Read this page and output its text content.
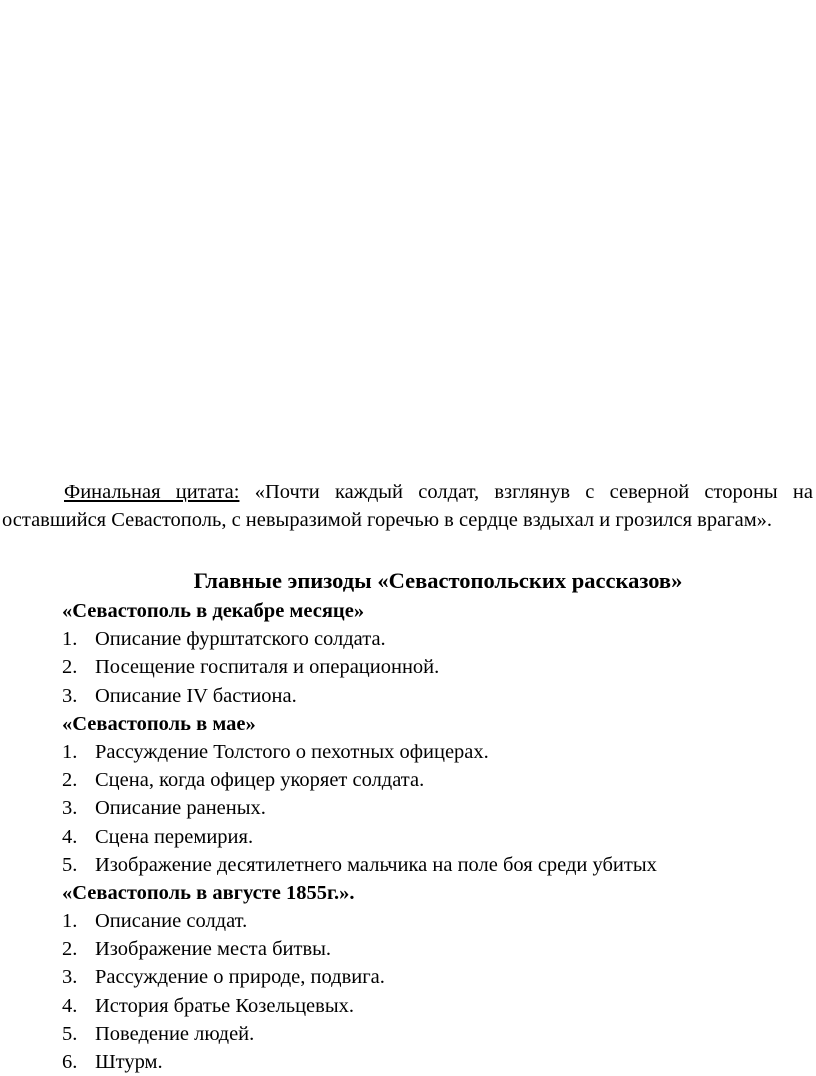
Финальная цитата: «Почти каждый солдат, взглянув с северной стороны на оставшийся Севастополь, с невыразимой горечью в сердце вздыхал и грозился врагам».

Главные эпизоды «Севастопольских рассказов»
«Севастополь в декабре месяце»
1. Описание фурштатского солдата.
2. Посещение госпиталя и операционной.
3. Описание IV бастиона.
«Севастополь в мае»
1. Рассуждение Толстого о пехотных офицерах.
2. Сцена, когда офицер укоряет солдата.
3. Описание раненых.
4. Сцена перемирия.
5. Изображение десятилетнего мальчика на поле боя среди убитых
«Севастополь в августе 1855г.».
1. Описание солдат.
2. Изображение места битвы.
3. Рассуждение о природе, подвига.
4. История братье Козельцевых.
5. Поведение людей.
6. Штурм.
